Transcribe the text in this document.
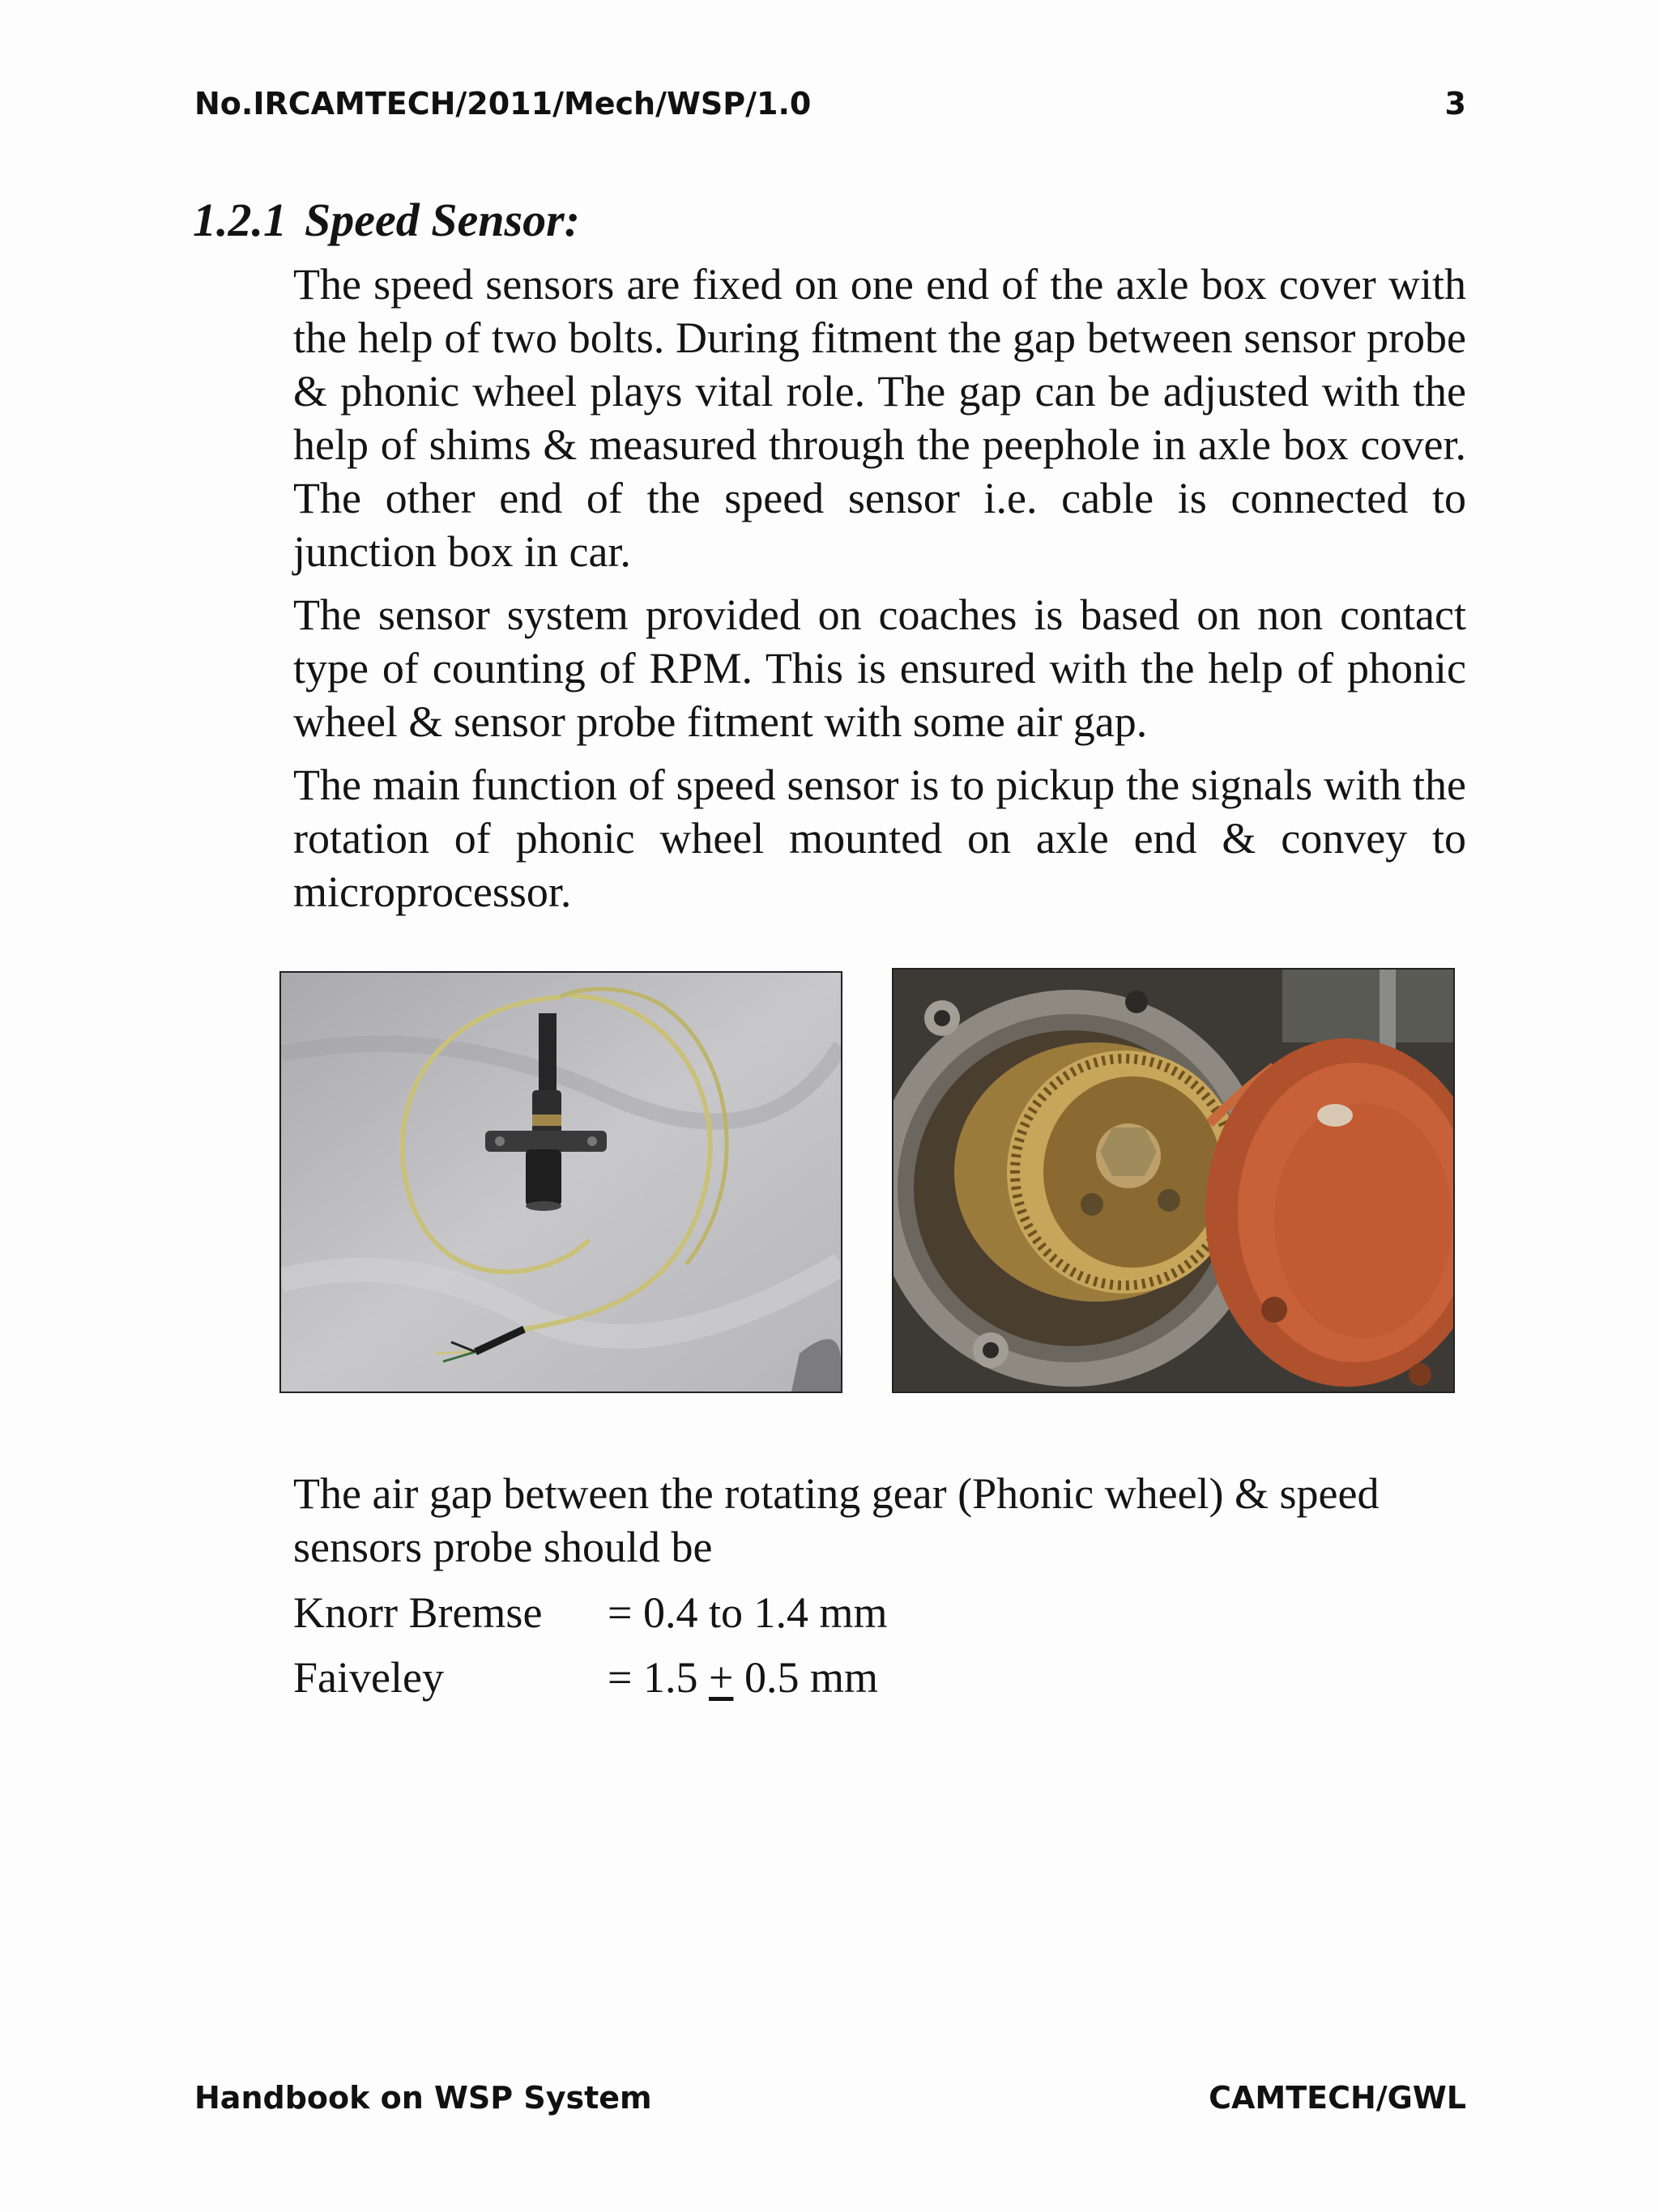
No.IRCAMTECH/2011/Mech/WSP/1.0	3
1.2.1 Speed Sensor:

The speed sensors are fixed on one end of the axle box cover with the help of two bolts. During fitment the gap between sensor probe & phonic wheel plays vital role. The gap can be adjusted with the help of shims & measured through the peephole in axle box cover. The other end of the speed sensor i.e. cable is connected to junction box in car.

The sensor system provided on coaches is based on non contact type of counting of RPM. This is ensured with the help of phonic wheel & sensor probe fitment with some air gap.

The main function of speed sensor is to pickup the signals with the rotation of phonic wheel mounted on axle end & convey to microprocessor.

The air gap between the rotating gear (Phonic wheel) & speed
sensors probe should be
Knorr Bremse = 0.4 to 1.4 mm
Faiveley	= 1.5 + 0.5 mm
Handbook on WSP System	CAMTECH/GWL
